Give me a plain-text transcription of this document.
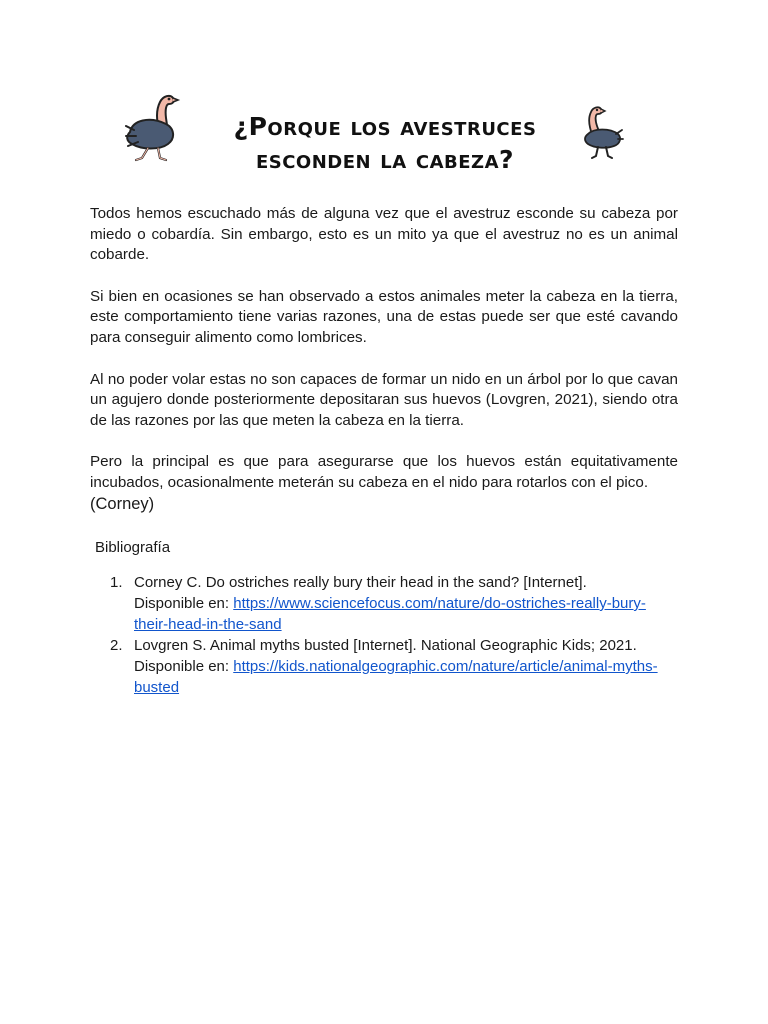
¿Porque los avestruces
esconden la cabeza?

Todos hemos escuchado más de alguna vez que el avestruz esconde su cabeza por miedo o cobardía. Sin embargo, esto es un mito ya que el avestruz no es un animal cobarde.

Si bien en ocasiones se han observado a estos animales meter la cabeza en la tierra, este comportamiento tiene varias razones, una de estas puede ser que esté cavando para conseguir alimento como lombrices.

Al no poder volar estas no son capaces de formar un nido en un árbol por lo que cavan un agujero donde posteriormente depositaran sus huevos (Lovgren, 2021), siendo otra de las razones por las que meten la cabeza en la tierra.

Pero la principal es que para asegurarse que los huevos están equitativamente incubados, ocasionalmente meterán su cabeza en el nido para rotarlos con el pico.
(Corney)

Bibliografía
1. Corney C. Do ostriches really bury their head in the sand? [Internet].
Disponible en: https://www.sciencefocus.com/nature/do-ostriches-really-bury-their-head-in-the-sand
2. Lovgren S. Animal myths busted [Internet]. National Geographic Kids; 2021.
Disponible en: https://kids.nationalgeographic.com/nature/article/animal-myths-busted
